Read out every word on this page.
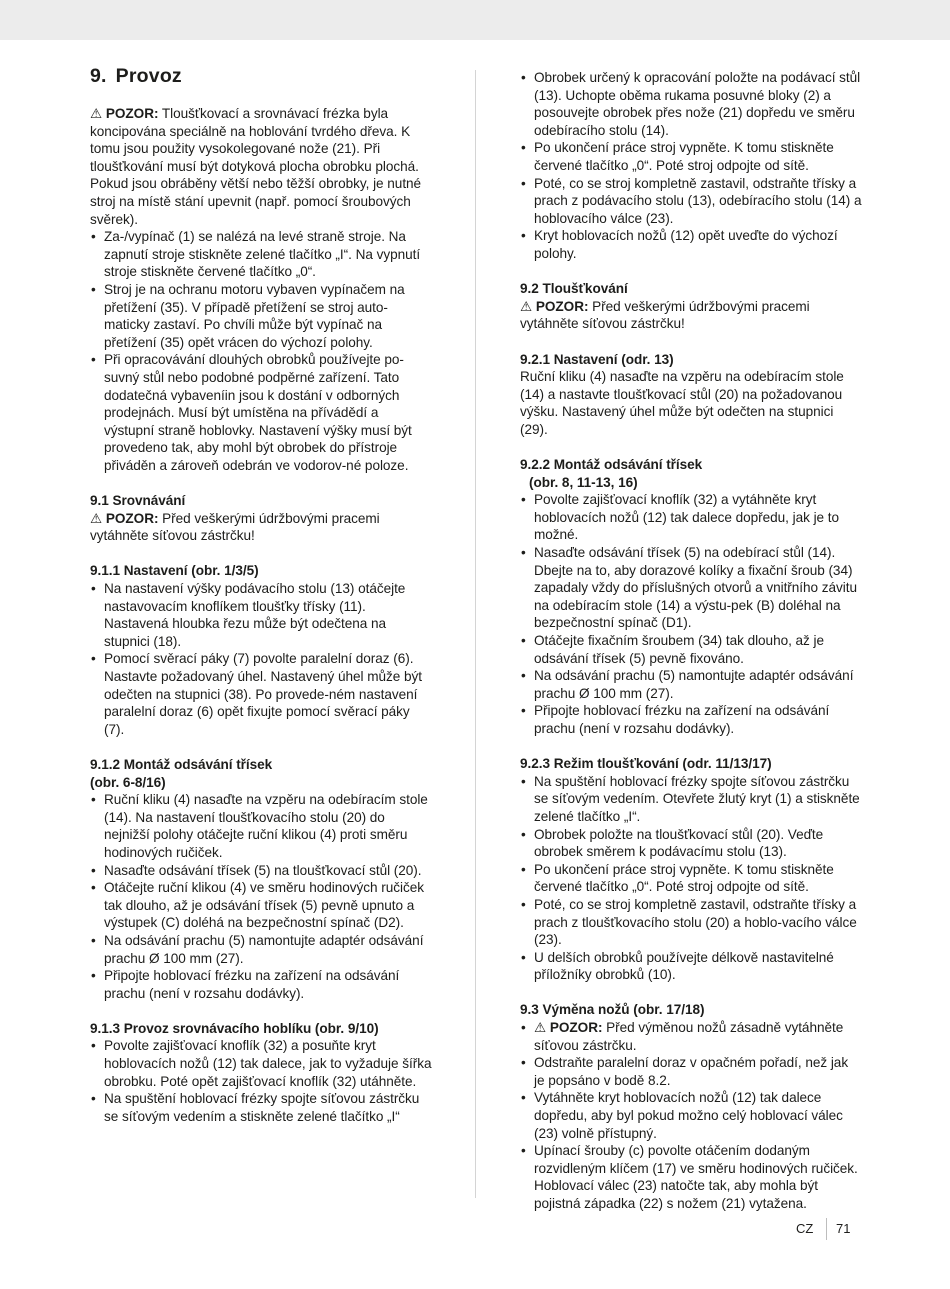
9. Provoz

⚠ POZOR: Tloušťkovací a srovnávací frézka byla koncipována speciálně na hoblování tvrdého dřeva. K tomu jsou použity vysokolegované nože (21). Při tloušťkování musí být dotyková plocha obrobku plochá. Pokud jsou obráběny větší nebo těžší obrobky, je nutné stroj na místě stání upevnit (např. pomocí šroubových svěrek).

• Za-/vypínač (1) se nalézá na levé straně stroje. Na zapnutí stroje stiskněte zelené tlačítko „I“. Na vypnutí stroje stiskněte červené tlačítko „0“.
• Stroj je na ochranu motoru vybaven vypínačem na přetížení (35). V případě přetížení se stroj auto-maticky zastaví. Po chvíli může být vypínač na přetížení (35) opět vrácen do výchozí polohy.
• Při opracovávání dlouhých obrobků používejte po-suvný stůl nebo podobné podpěrné zařízení. Tato dodatečná vybaveníin jsou k dostání v odborných prodejnách. Musí být umístěna na přívádědí a výstupní straně hoblovky. Nastavení výšky musí být provedeno tak, aby mohl být obrobek do přístroje přiváděn a zároveň odebrán ve vodorov-né poloze.

9.1 Srovnávání

⚠ POZOR: Před veškerými údržbovými pracemi vytáhněte síťovou zástrčku!

9.1.1 Nastavení (obr. 1/3/5)

• Na nastavení výšky podávacího stolu (13) otáčejte nastavovacím knoflíkem tloušťky třísky (11). Nastavená hloubka řezu může být odečtena na stupnici (18).
• Pomocí svěrací páky (7) povolte paralelní doraz (6). Nastavte požadovaný úhel. Nastavený úhel může být odečten na stupnici (38). Po provede-ném nastavení paralelní doraz (6) opět fixujte pomocí svěrací páky (7).

9.1.2 Montáž odsávání třísek

(obr. 6-8/16)

• Ruční kliku (4) nasaďte na vzpěru na odebíracím stole (14). Na nastavení tloušťkovacího stolu (20) do nejnižší polohy otáčejte ruční klikou (4) proti směru hodinových ručiček.
• Nasaďte odsávání třísek (5) na tloušťkovací stůl (20).
• Otáčejte ruční klikou (4) ve směru hodinových ručiček tak dlouho, až je odsávání třísek (5) pevně upnuto a výstupek (C) doléhá na bezpečnostní spínač (D2).
• Na odsávání prachu (5) namontujte adaptér odsávání prachu Ø 100 mm (27).
• Připojte hoblovací frézku na zařízení na odsávání prachu (není v rozsahu dodávky).

9.1.3 Provoz srovnávacího hoblíku (obr. 9/10)

• Povolte zajišťovací knoflík (32) a posuňte kryt hoblovacích nožů (12) tak dalece, jak to vyžaduje šířka obrobku. Poté opět zajišťovací knoflík (32) utáhněte.
• Na spuštění hoblovací frézky spojte síťovou zástrčku se síťovým vedením a stiskněte zelené tlačítko „I“
• Obrobek určený k opracování položte na podávací stůl (13). Uchopte oběma rukama posuvné bloky (2) a posouvejte obrobek přes nože (21) dopředu ve směru odebíracího stolu (14).
• Po ukončení práce stroj vypněte. K tomu stiskněte červené tlačítko „0“. Poté stroj odpojte od sítě.
• Poté, co se stroj kompletně zastavil, odstraňte třísky a prach z podávacího stolu (13), odebíracího stolu (14) a hoblovacího válce (23).
• Kryt hoblovacích nožů (12) opět uveďte do výchozí polohy.

9.2 Tloušťkování

⚠ POZOR: Před veškerými údržbovými pracemi vytáhněte síťovou zástrčku!

9.2.1 Nastavení (odr. 13)

Ruční kliku (4) nasaďte na vzpěru na odebíracím stole (14) a nastavte tloušťkovací stůl (20) na požadovanou výšku. Nastavený úhel může být odečten na stupnici (29).

9.2.2 Montáž odsávání třísek

(obr. 8, 11-13, 16)

• Povolte zajišťovací knoflík (32) a vytáhněte kryt hoblovacích nožů (12) tak dalece dopředu, jak je to možné.
• Nasaďte odsávání třísek (5) na odebírací stůl (14). Dbejte na to, aby dorazové kolíky a fixační šroub (34) zapadaly vždy do příslušných otvorů a vnitřního závitu na odebíracím stole (14) a výstu-pek (B) doléhal na bezpečnostní spínač (D1).
• Otáčejte fixačním šroubem (34) tak dlouho, až je odsávání třísek (5) pevně fixováno.
• Na odsávání prachu (5) namontujte adaptér odsávání prachu Ø 100 mm (27).
• Připojte hoblovací frézku na zařízení na odsávání prachu (není v rozsahu dodávky).

9.2.3 Režim tloušťkování (odr. 11/13/17)

• Na spuštění hoblovací frézky spojte síťovou zástrčku se síťovým vedením. Otevřete žlutý kryt (1) a stiskněte zelené tlačítko „I“.
• Obrobek položte na tloušťkovací stůl (20). Veďte obrobek směrem k podávacímu stolu (13).
• Po ukončení práce stroj vypněte. K tomu stiskněte červené tlačítko „0“. Poté stroj odpojte od sítě.
• Poté, co se stroj kompletně zastavil, odstraňte třísky a prach z tloušťkovacího stolu (20) a hoblo-vacího válce (23).
• U delších obrobků používejte délkově nastavitelné příložníky obrobků (10).

9.3 Výměna nožů (obr. 17/18)

• ⚠ POZOR: Před výměnou nožů zásadně vytáhněte síťovou zástrčku.
• Odstraňte paralelní doraz v opačném pořadí, než jak je popsáno v bodě 8.2.
• Vytáhněte kryt hoblovacích nožů (12) tak dalece dopředu, aby byl pokud možno celý hoblovací válec (23) volně přístupný.
• Upínací šrouby (c) povolte otáčením dodaným rozvidleným klíčem (17) ve směru hodinových ručiček. Hoblovací válec (23) natočte tak, aby mohla být pojistná západka (22) s nožem (21) vytažena.
CZ 71
